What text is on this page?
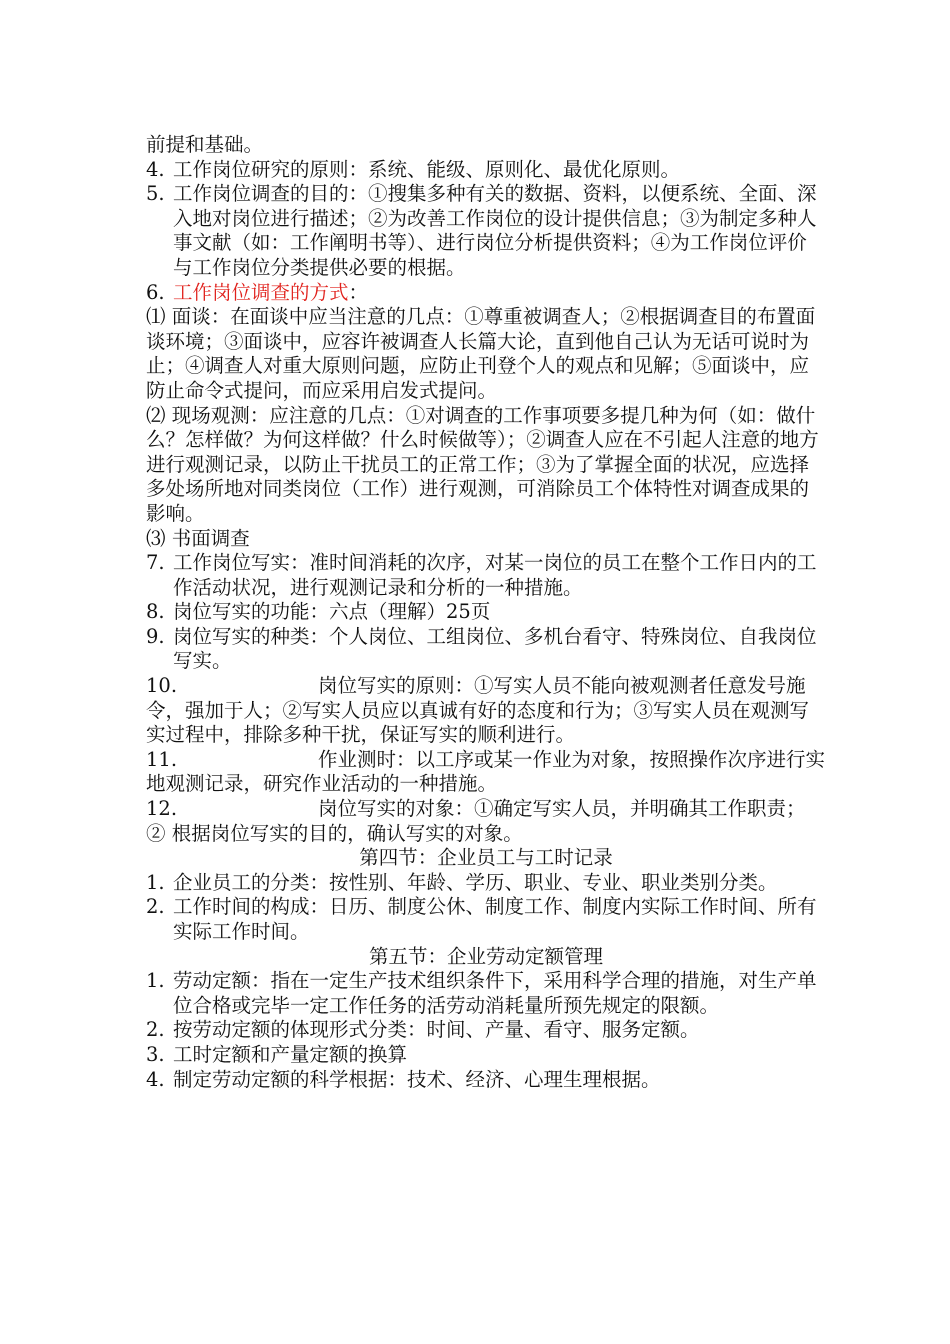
前提和基础。

4. 工作岗位研究的原则：系统、能级、原则化、最优化原则。

5. 工作岗位调查的目的：①搜集多种有关的数据、资料，以便系统、全面、深入地对岗位进行描述；②为改善工作岗位的设计提供信息；③为制定多种人事文献（如：工作阐明书等）、进行岗位分析提供资料；④为工作岗位评价与工作岗位分类提供必要的根据。

6. 工作岗位调查的方式：

⑴ 面谈：在面谈中应当注意的几点：①尊重被调查人；②根据调查目的布置面谈环境；③面谈中，应容许被调查人长篇大论，直到他自己认为无话可说时为止；④调查人对重大原则问题，应防止刊登个人的观点和见解；⑤面谈中，应防止命令式提问，而应采用启发式提问。

⑵ 现场观测：应注意的几点：①对调查的工作事项要多提几种为何（如：做什么？怎样做？为何这样做？什么时候做等）；②调查人应在不引起人注意的地方进行观测记录，以防止干扰员工的正常工作；③为了掌握全面的状况，应选择多处场所地对同类岗位（工作）进行观测，可消除员工个体特性对调查成果的影响。

⑶ 书面调查

7. 工作岗位写实：准时间消耗的次序，对某一岗位的员工在整个工作日内的工作活动状况，进行观测记录和分析的一种措施。

8. 岗位写实的功能：六点（理解）25页

9. 岗位写实的种类：个人岗位、工组岗位、多机台看守、特殊岗位、自我岗位写实。

10.	岗位写实的原则：①写实人员不能向被观测者任意发号施令，强加于人；②写实人员应以真诚有好的态度和行为；③写实人员在观测写实过程中，排除多种干扰，保证写实的顺利进行。

11.	作业测时：以工序或某一作业为对象，按照操作次序进行实地观测记录，研究作业活动的一种措施。

12.	岗位写实的对象：①确定写实人员，并明确其工作职责；

② 根据岗位写实的目的，确认写实的对象。

第四节：企业员工与工时记录

1. 企业员工的分类：按性别、年龄、学历、职业、专业、职业类别分类。

2. 工作时间的构成：日历、制度公休、制度工作、制度内实际工作时间、所有实际工作时间。

第五节：企业劳动定额管理

1. 劳动定额：指在一定生产技术组织条件下，采用科学合理的措施，对生产单位合格或完毕一定工作任务的活劳动消耗量所预先规定的限额。

2. 按劳动定额的体现形式分类：时间、产量、看守、服务定额。

3. 工时定额和产量定额的换算

4. 制定劳动定额的科学根据：技术、经济、心理生理根据。
